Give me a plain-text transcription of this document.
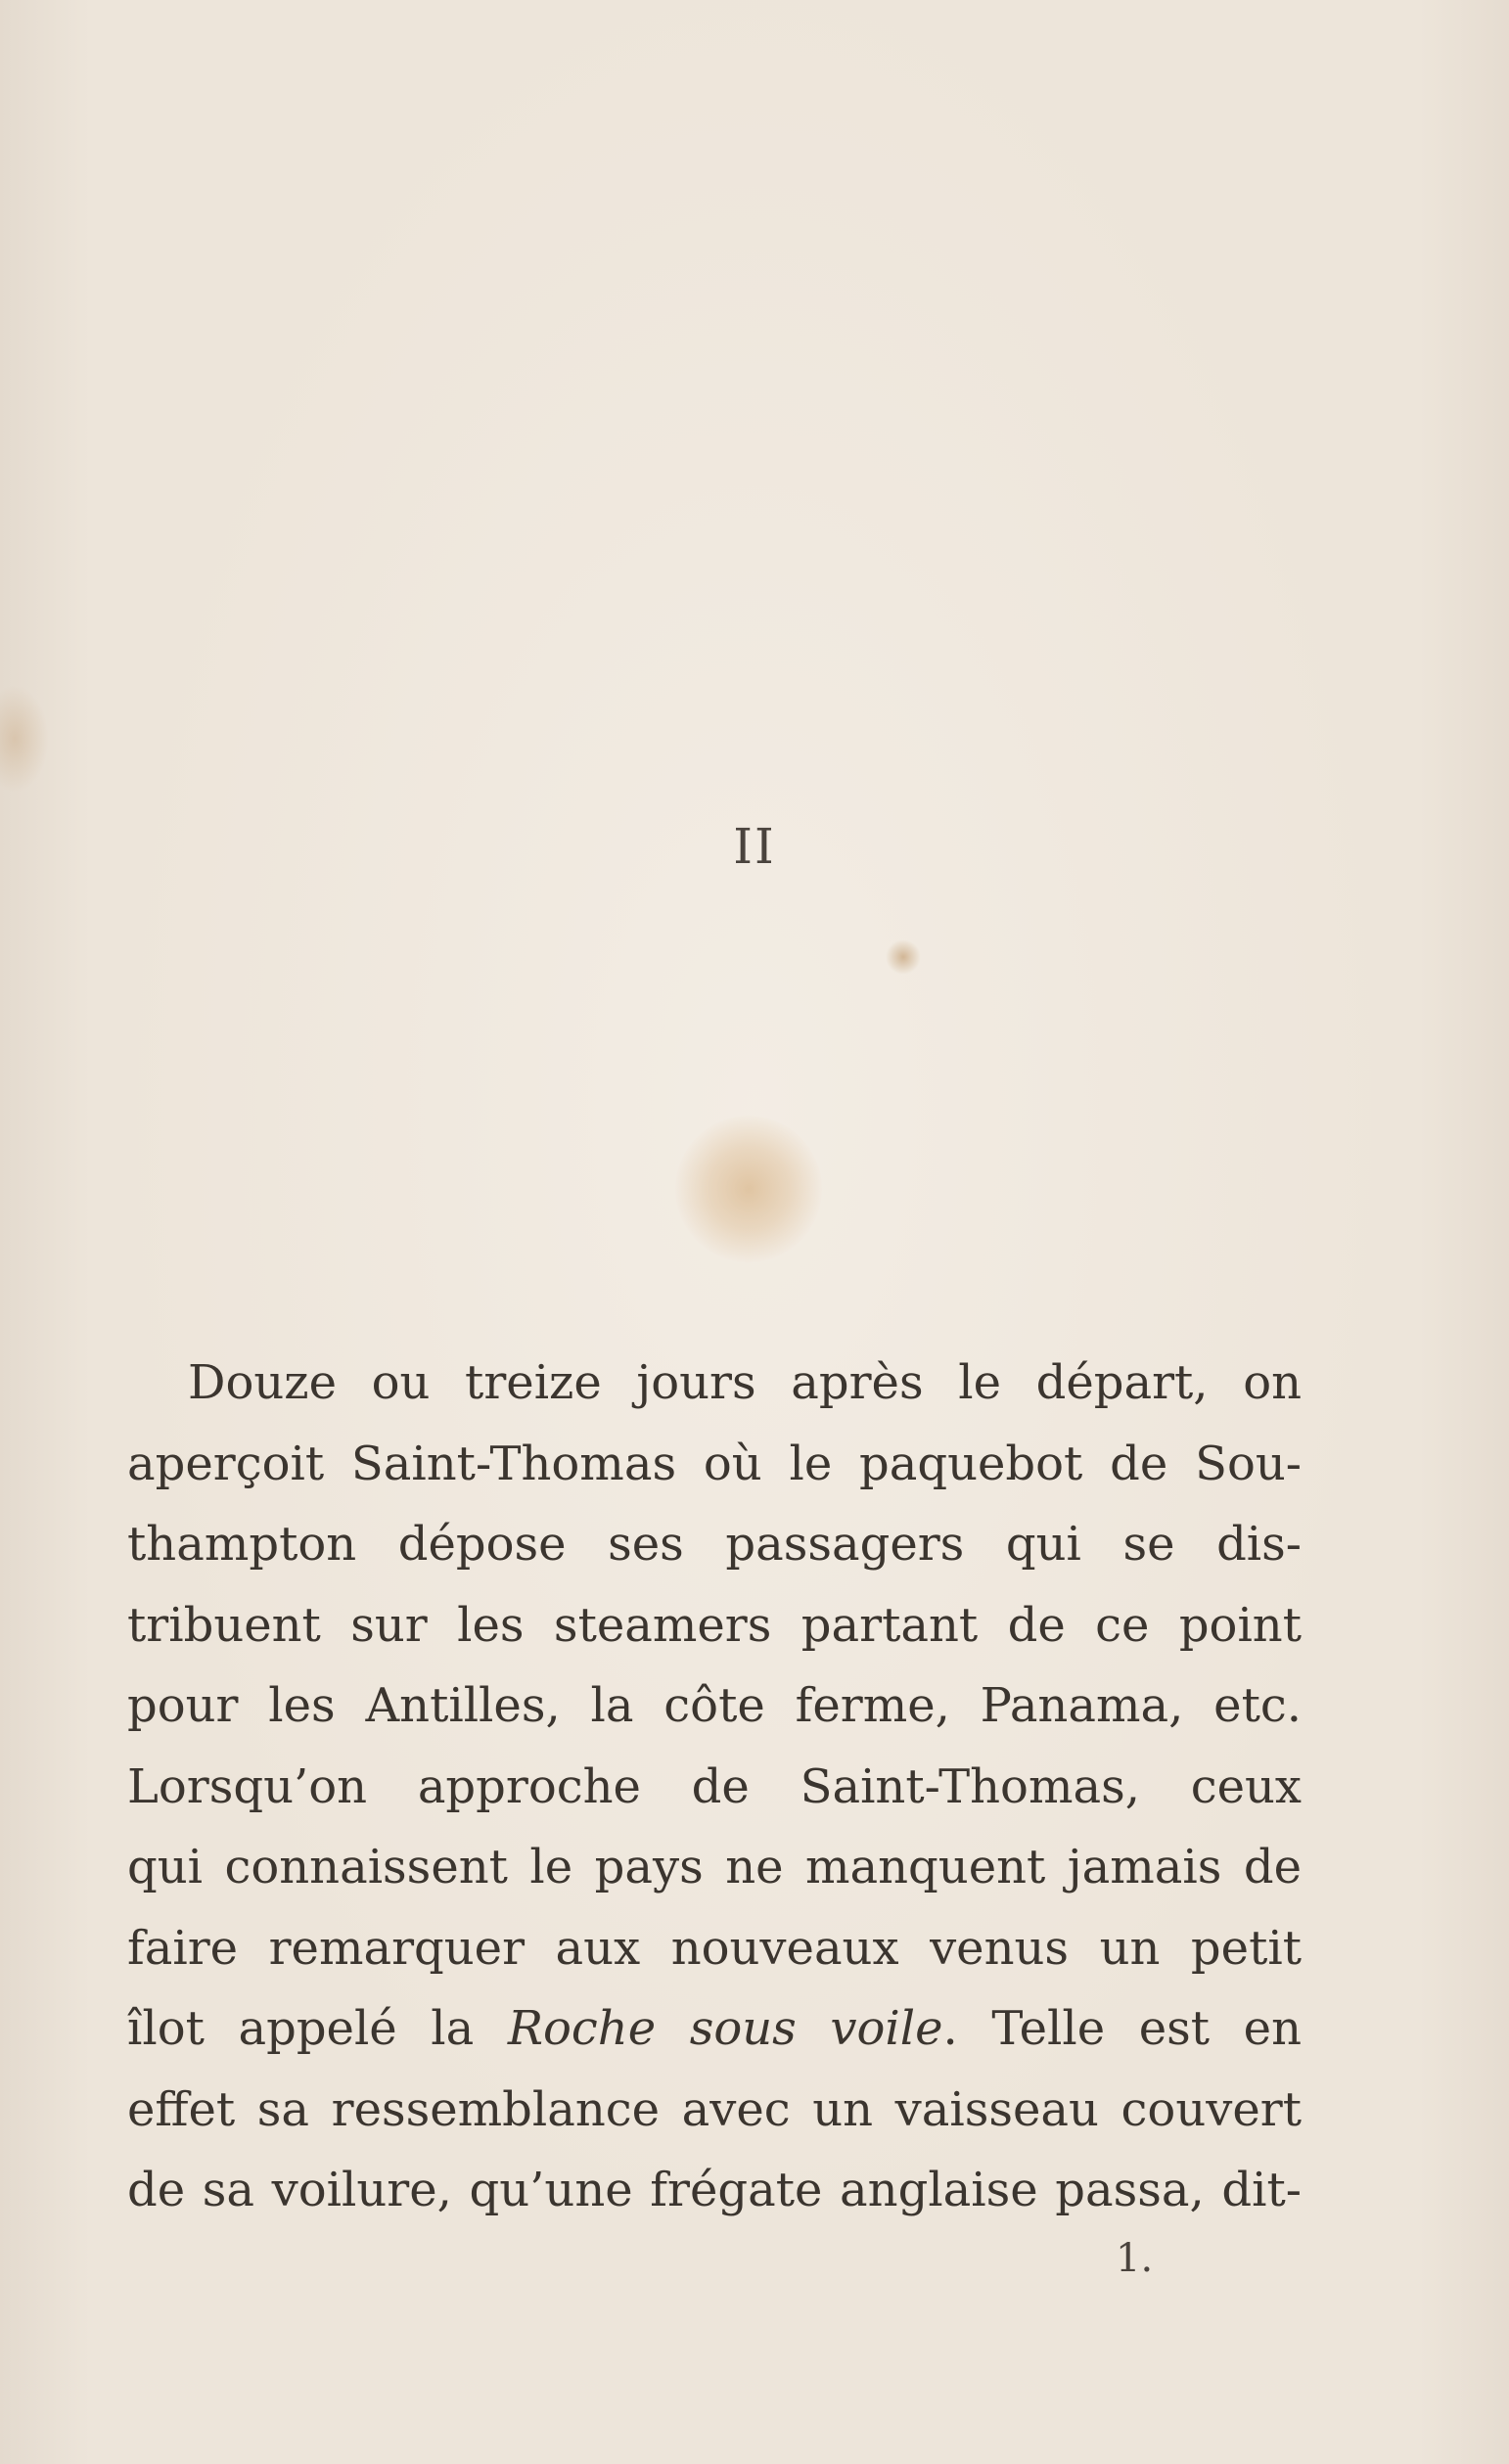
II
Douze ou treize jours après le départ, on
aperçoit Saint-Thomas où le paquebot de Sou-
thampton dépose ses passagers qui se dis-
tribuent sur les steamers partant de ce point
pour les Antilles, la côte ferme, Panama, etc.
Lorsqu’on approche de Saint-Thomas, ceux
qui connaissent le pays ne manquent jamais de
faire remarquer aux nouveaux venus un petit
îlot appelé la Roche sous voile. Telle est en
effet sa ressemblance avec un vaisseau couvert
de sa voilure, qu’une frégate anglaise passa, dit-
1.
